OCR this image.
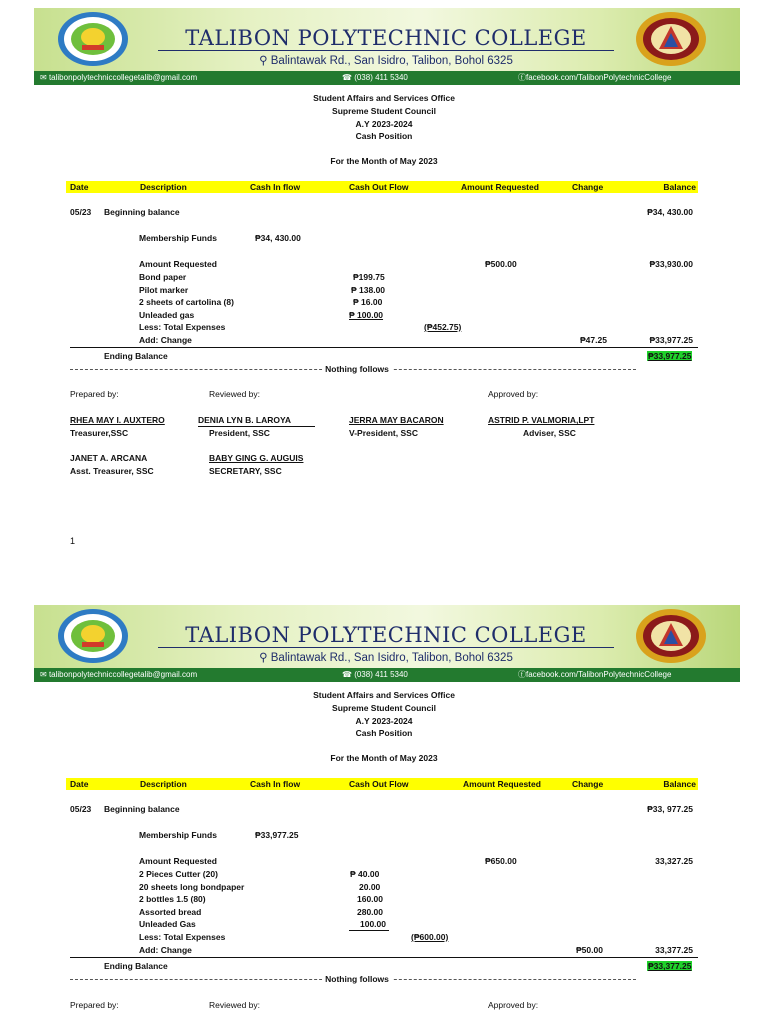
TALIBON POLYTECHNIC COLLEGE
⚲ Balintawak Rd., San Isidro, Talibon, Bohol 6325
✉ talibonpolytechniccollegetalib@gmail.com	☎ (038) 411 5340	ⓕfacebook.com/TalibonPolytechnicCollege
Student Affairs and Services Office
Supreme Student Council
A.Y 2023-2024
Cash Position
For the Month of May 2023
Date	Description	Cash In flow	Cash Out Flow	Amount Requested	Change	Balance
05/23 Beginning balance	₱34, 430.00
Membership Funds	₱34, 430.00
Amount Requested	₱500.00	₱33,930.00
Bond paper	₱199.75
Pilot marker	₱ 138.00
2 sheets of cartolina (8)	₱ 16.00
Unleaded gas	₱ 100.00
Less: Total Expenses	(₱452.75)
Add: Change	₱47.25	₱33,977.25
Ending Balance	₱33,977.25
Nothing follows
Prepared by:	Reviewed by:	Approved by:
RHEA MAY I. AUXTERO
Treasurer,SSC
DENIA LYN B. LAROYA
President, SSC
JERRA MAY BACARON
V-President, SSC
ASTRID P. VALMORIA,LPT
Adviser, SSC
JANET A. ARCANA
Asst. Treasurer, SSC
BABY GING G. AUGUIS
SECRETARY, SSC
1
TALIBON POLYTECHNIC COLLEGE
⚲ Balintawak Rd., San Isidro, Talibon, Bohol 6325
✉ talibonpolytechniccollegetalib@gmail.com	☎ (038) 411 5340	ⓕfacebook.com/TalibonPolytechnicCollege
Student Affairs and Services Office
Supreme Student Council
A.Y 2023-2024
Cash Position
For the Month of May 2023
Date	Description	Cash In flow	Cash Out Flow	Amount Requested	Change	Balance
05/23 Beginning balance	₱33, 977.25
Membership Funds	₱33,977.25
Amount Requested	₱650.00	33,327.25
2 Pieces Cutter (20)	₱ 40.00
20 sheets long bondpaper	20.00
2 bottles 1.5 (80)	160.00
Assorted bread	280.00
Unleaded Gas	100.00
Less: Total Expenses	(₱600.00)
Add: Change	₱50.00	33,377.25
Ending Balance	₱33,377.25
Nothing follows
Prepared by:	Reviewed by:	Approved by:
